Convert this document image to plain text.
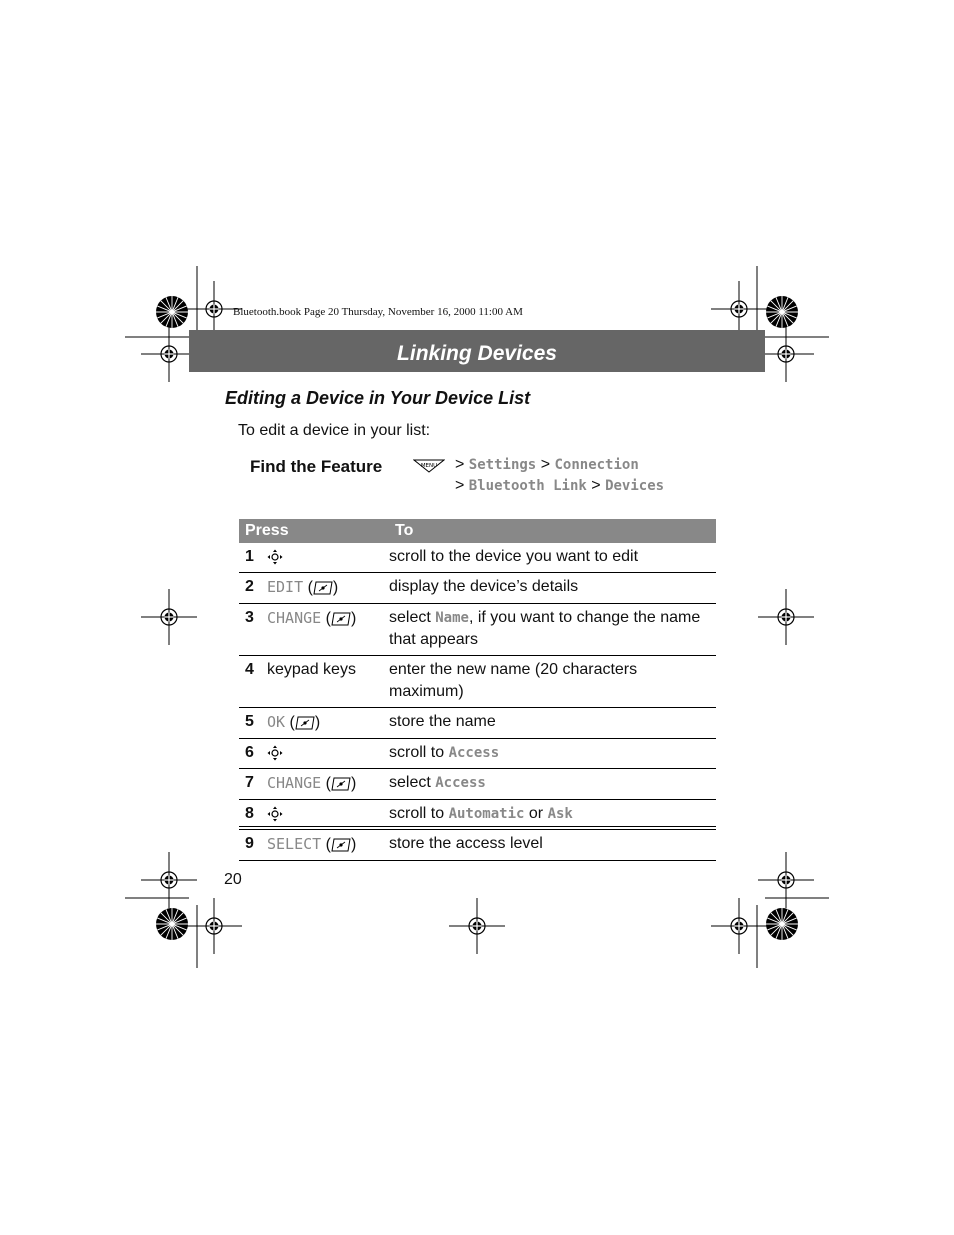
Bluetooth.book Page 20 Thursday, November 16, 2000 11:00 AM
Linking Devices
Editing a Device in Your Device List
To edit a device in your list:
Find the Feature	MENU > Settings > Connection
> Bluetooth Link > Devices
Press		To
1		scroll to the device you want to edit
2	EDIT ( )	display the device’s details
3	CHANGE ( )	select Name, if you want to change the name that appears
4	keypad keys	enter the new name (20 characters maximum)
5	OK ( )	store the name
6		scroll to Access
7	CHANGE ( )	select Access
8		scroll to Automatic or Ask
9	SELECT ( )	store the access level
20
